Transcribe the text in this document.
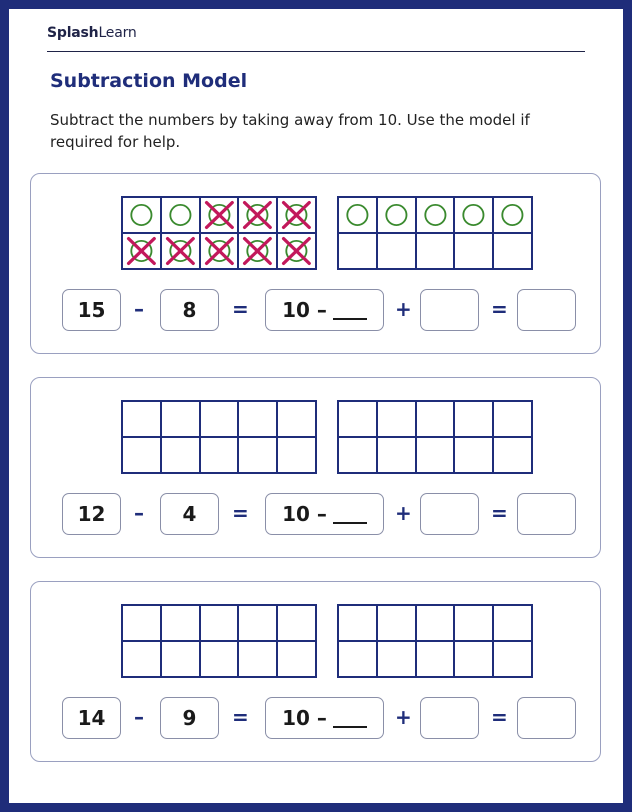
SplashLearn
Subtraction Model
Subtract the numbers by taking away from 10. Use the model if required for help.
15	–	8	= 10 –	+	=
12	–	4	= 10 –	+	=
14	–	9	= 10 –	+	=
